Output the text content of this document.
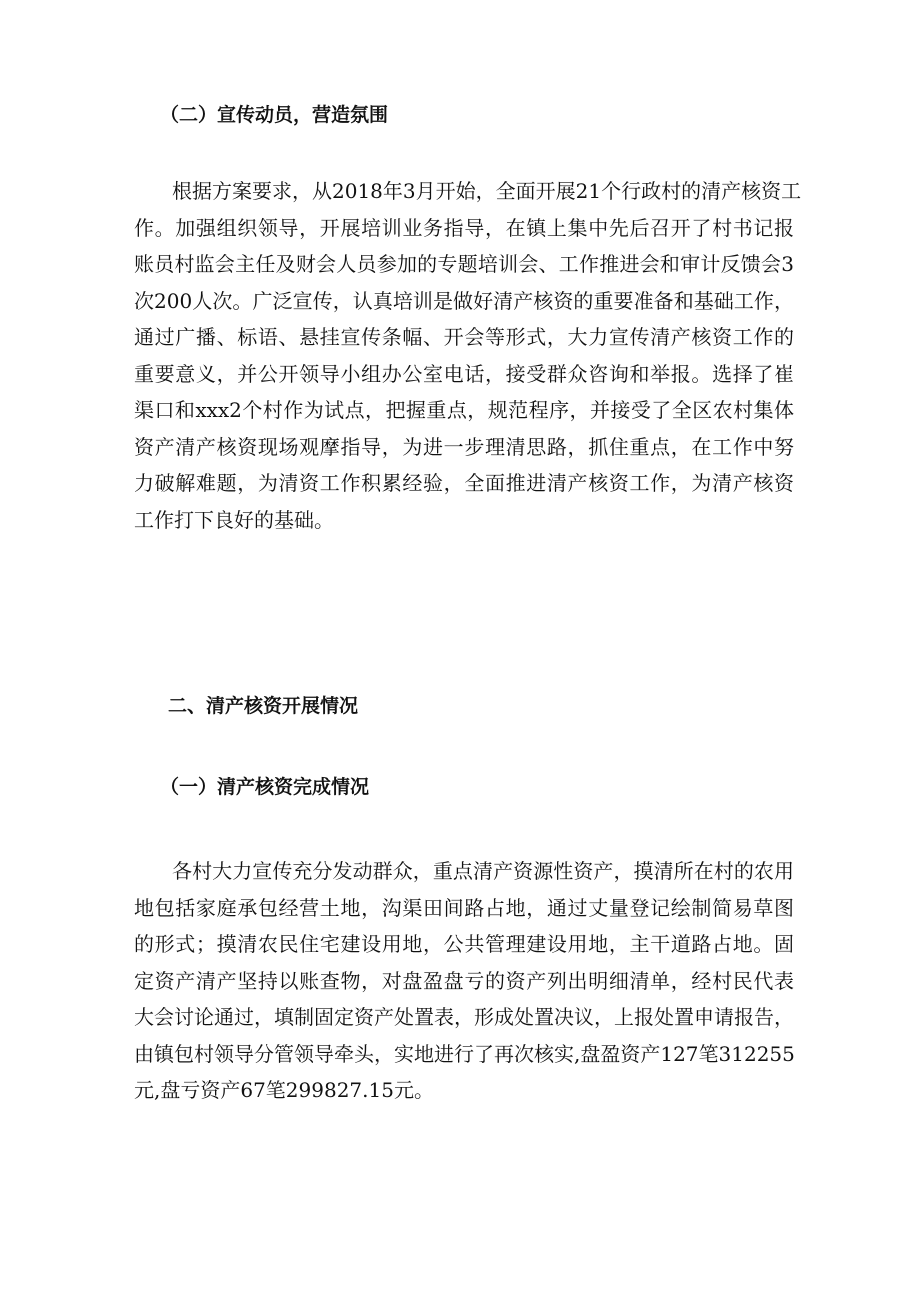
（二）宣传动员，营造氛围
根据方案要求，从2018年3月开始，全面开展21个行政村的清产核资工
作。加强组织领导，开展培训业务指导，在镇上集中先后召开了村书记报
账员村监会主任及财会人员参加的专题培训会、工作推进会和审计反馈会3
次200人次。广泛宣传，认真培训是做好清产核资的重要准备和基础工作，
通过广播、标语、悬挂宣传条幅、开会等形式，大力宣传清产核资工作的
重要意义，并公开领导小组办公室电话，接受群众咨询和举报。选择了崔
渠口和xxx2个村作为试点，把握重点，规范程序，并接受了全区农村集体
资产清产核资现场观摩指导，为进一步理清思路，抓住重点，在工作中努
力破解难题，为清资工作积累经验，全面推进清产核资工作，为清产核资
工作打下良好的基础。
二、清产核资开展情况
（一）清产核资完成情况
各村大力宣传充分发动群众，重点清产资源性资产，摸清所在村的农用
地包括家庭承包经营土地，沟渠田间路占地，通过丈量登记绘制简易草图
的形式；摸清农民住宅建设用地，公共管理建设用地，主干道路占地。固
定资产清产坚持以账查物，对盘盈盘亏的资产列出明细清单，经村民代表
大会讨论通过，填制固定资产处置表，形成处置决议，上报处置申请报告，
由镇包村领导分管领导牵头，实地进行了再次核实,盘盈资产127笔312255
元,盘亏资产67笔299827.15元。
